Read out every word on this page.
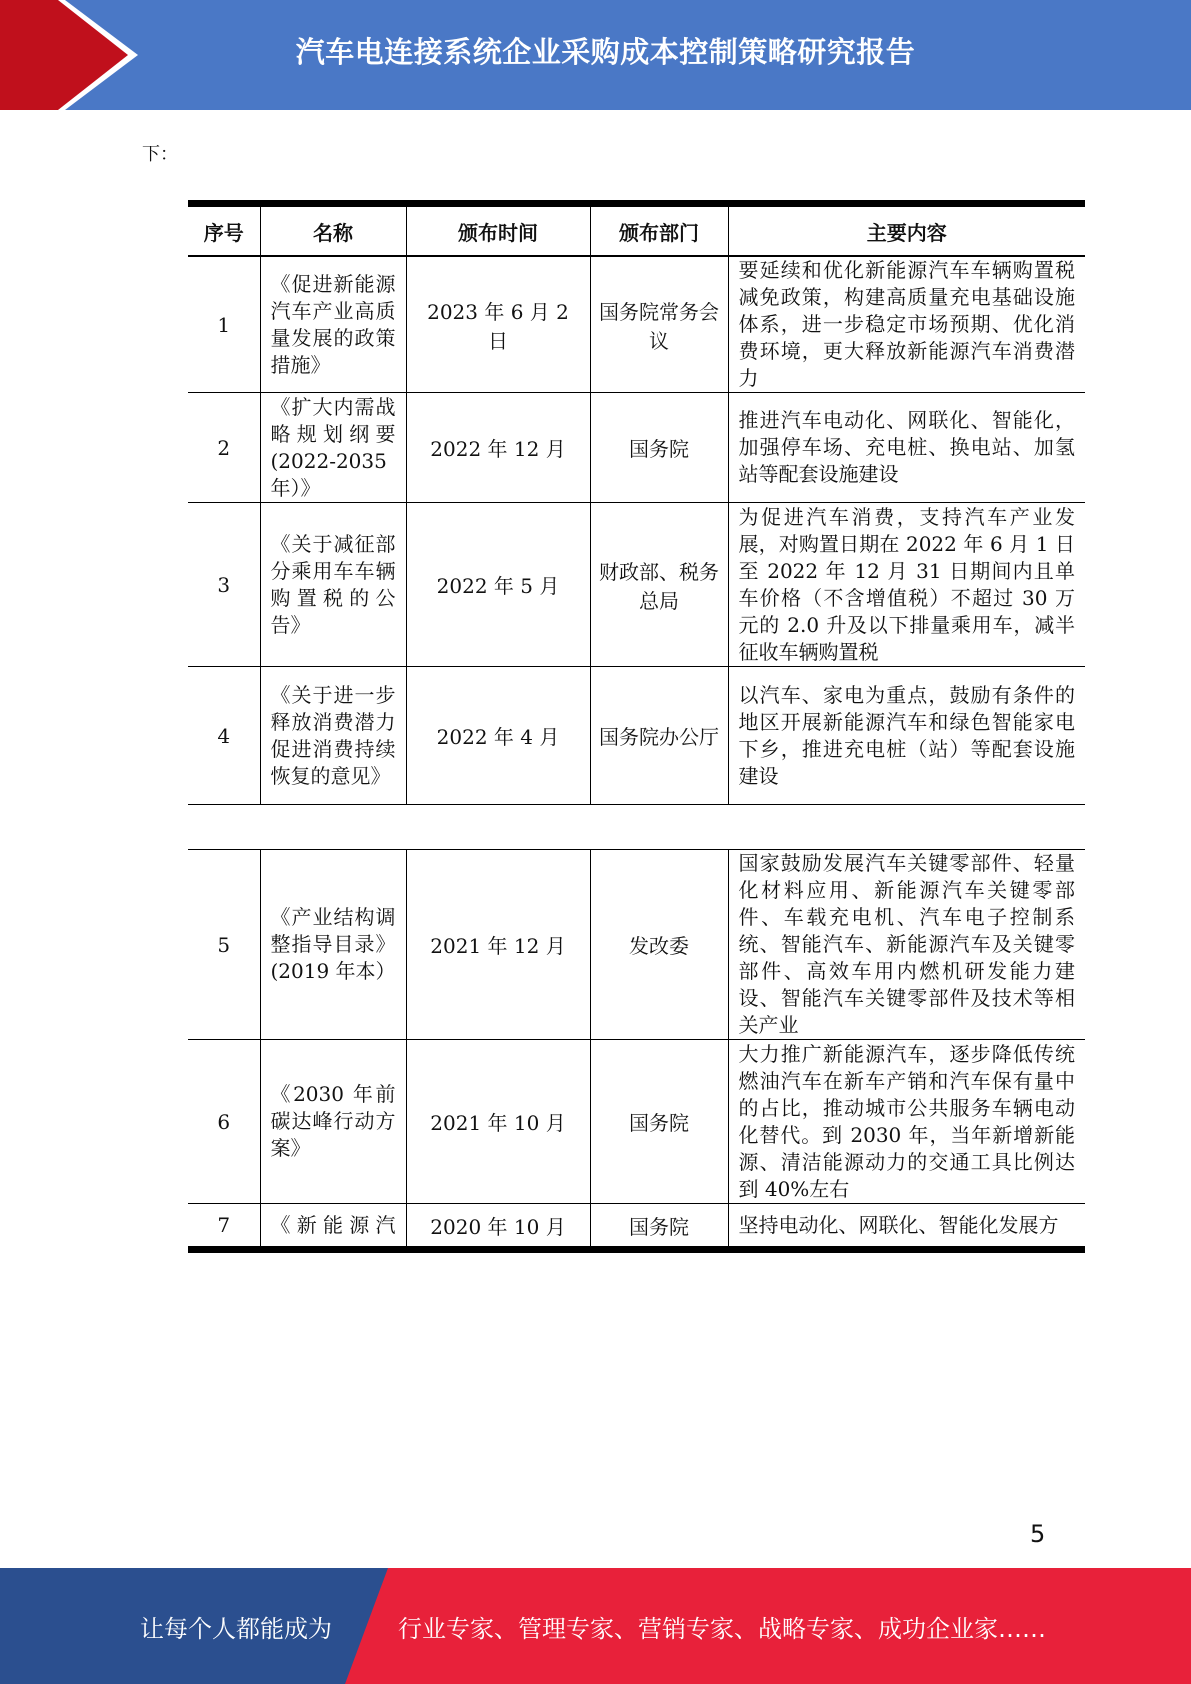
汽车电连接系统企业采购成本控制策略研究报告
下：
序号	名称	颁布时间	颁布部门	主要内容
1	《促进新能源汽车产业高质量发展的政策措施》	2023 年 6 月 2 日	国务院常务会议	要延续和优化新能源汽车车辆购置税减免政策，构建高质量充电基础设施体系，进一步稳定市场预期、优化消费环境，更大释放新能源汽车消费潜力
2	《扩大内需战略规划纲要(2022-2035年）》	2022 年 12 月	国务院	推进汽车电动化、网联化、智能化，加强停车场、充电桩、换电站、加氢站等配套设施建设
3	《关于减征部分乘用车车辆购置税的公告》	2022 年 5 月	财政部、税务总局	为促进汽车消费，支持汽车产业发展，对购置日期在 2022 年 6 月 1 日至 2022 年 12 月 31 日期间内且单车价格（不含增值税）不超过 30 万元的 2.0 升及以下排量乘用车，减半征收车辆购置税
4	《关于进一步释放消费潜力促进消费持续恢复的意见》	2022 年 4 月	国务院办公厅	以汽车、家电为重点，鼓励有条件的地区开展新能源汽车和绿色智能家电下乡，推进充电桩（站）等配套设施建设
5	《产业结构调整指导目录》(2019 年本）	2021 年 12 月	发改委	国家鼓励发展汽车关键零部件、轻量化材料应用、新能源汽车关键零部件、车载充电机、汽车电子控制系统、智能汽车、新能源汽车及关键零部件、高效车用内燃机研发能力建设、智能汽车关键零部件及技术等相关产业
6	《2030 年前碳达峰行动方案》	2021 年 10 月	国务院	大力推广新能源汽车，逐步降低传统燃油汽车在新车产销和汽车保有量中的占比，推动城市公共服务车辆电动化替代。到 2030 年，当年新增新能源、清洁能源动力的交通工具比例达到 40%左右
7	《新能源汽	2020 年 10 月	国务院	坚持电动化、网联化、智能化发展方
5
让每个人都能成为	行业专家、管理专家、营销专家、战略专家、成功企业家……
